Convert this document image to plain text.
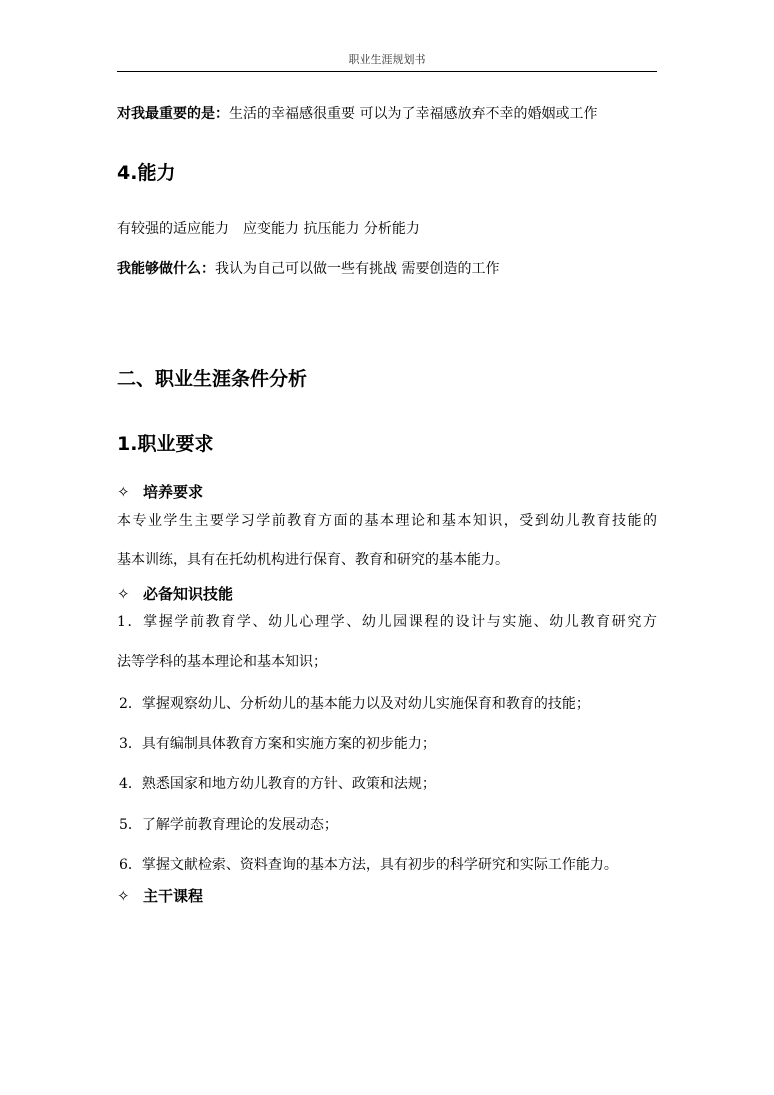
职业生涯规划书
对我最重要的是：生活的幸福感很重要 可以为了幸福感放弃不幸的婚姻或工作
4.能力
有较强的适应能力　应变能力 抗压能力 分析能力
我能够做什么：我认为自己可以做一些有挑战 需要创造的工作
二、职业生涯条件分析
1.职业要求
✧ 培养要求
本专业学生主要学习学前教育方面的基本理论和基本知识，受到幼儿教育技能的
基本训练，具有在托幼机构进行保育、教育和研究的基本能力。
✧ 必备知识技能
1．掌握学前教育学、幼儿心理学、幼儿园课程的设计与实施、幼儿教育研究方
法等学科的基本理论和基本知识；
2．掌握观察幼儿、分析幼儿的基本能力以及对幼儿实施保育和教育的技能；
3．具有编制具体教育方案和实施方案的初步能力；
4．熟悉国家和地方幼儿教育的方针、政策和法规；
5．了解学前教育理论的发展动态；
6．掌握文献检索、资料查询的基本方法，具有初步的科学研究和实际工作能力。
✧ 主干课程
